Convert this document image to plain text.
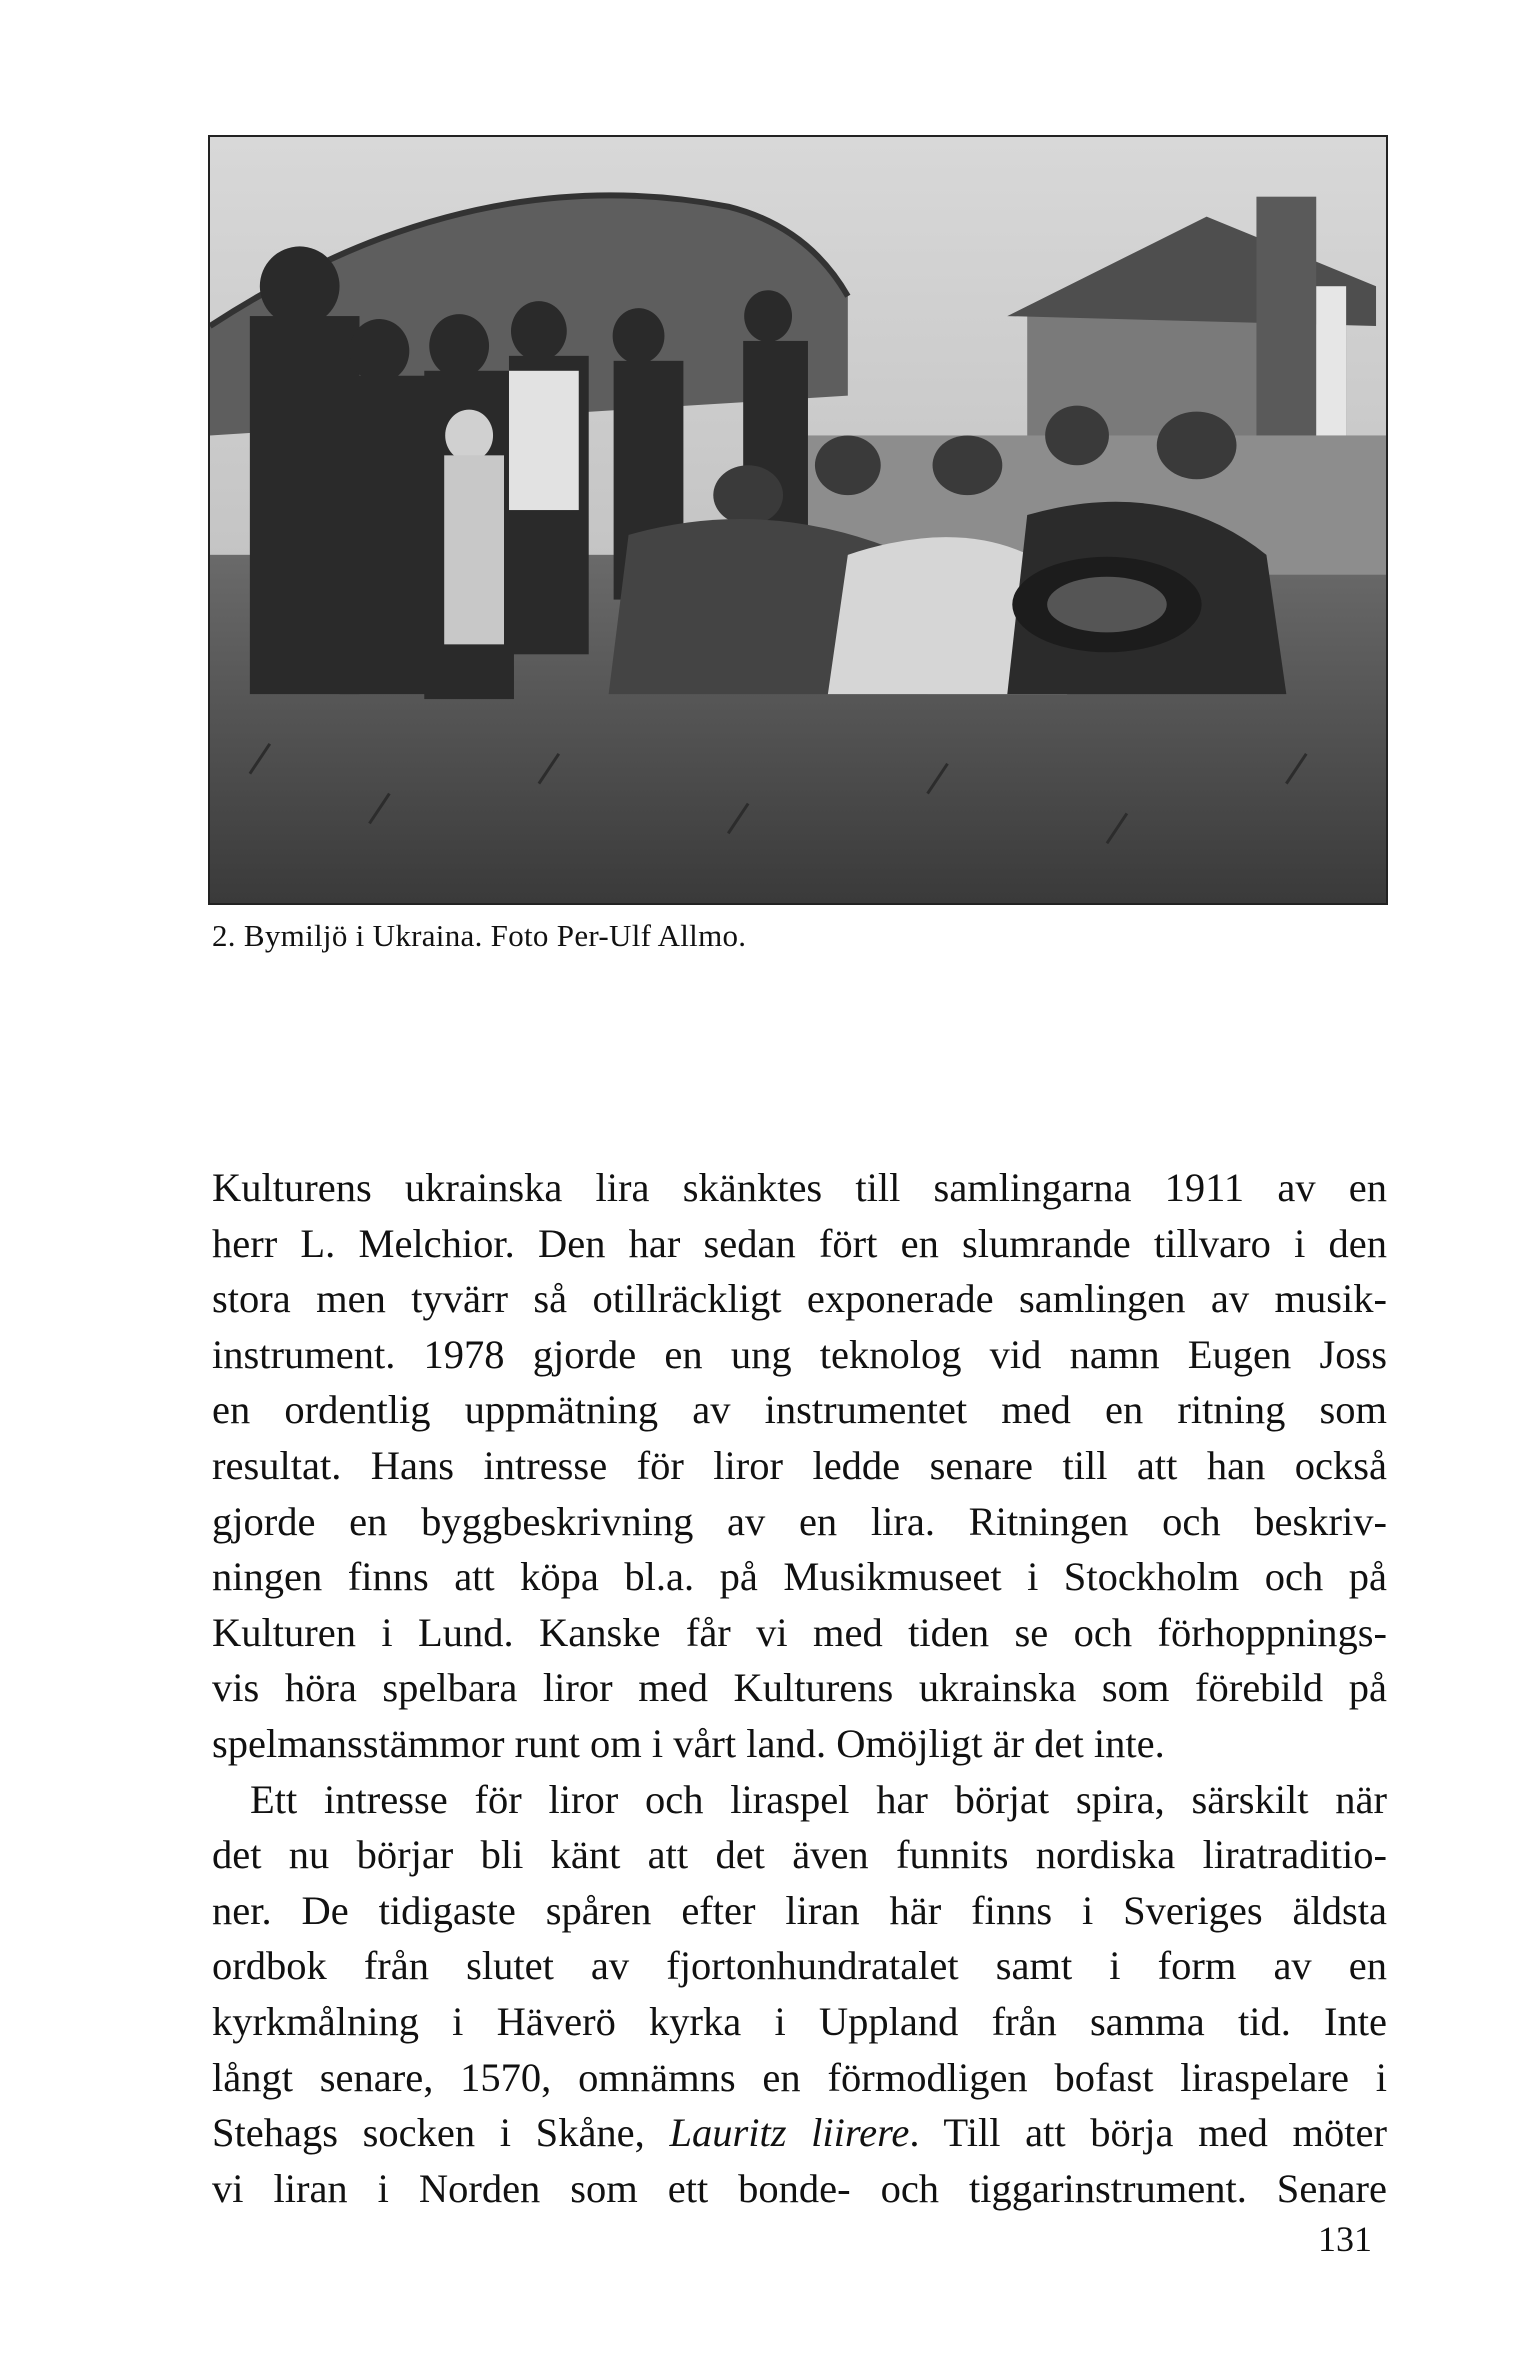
2. Bymiljö i Ukraina. Foto Per-Ulf Allmo.

Kulturens ukrainska lira skänktes till samlingarna 1911 av en
herr L. Melchior. Den har sedan fört en slumrande tillvaro i den
stora men tyvärr så otillräckligt exponerade samlingen av musik-
instrument. 1978 gjorde en ung teknolog vid namn Eugen Joss
en ordentlig uppmätning av instrumentet med en ritning som
resultat. Hans intresse för liror ledde senare till att han också
gjorde en byggbeskrivning av en lira. Ritningen och beskriv-
ningen finns att köpa bl.a. på Musikmuseet i Stockholm och på
Kulturen i Lund. Kanske får vi med tiden se och förhoppnings-
vis höra spelbara liror med Kulturens ukrainska som förebild på
spelmansstämmor runt om i vårt land. Omöjligt är det inte.

Ett intresse för liror och liraspel har börjat spira, särskilt när
det nu börjar bli känt att det även funnits nordiska liratraditio-
ner. De tidigaste spåren efter liran här finns i Sveriges äldsta
ordbok från slutet av fjortonhundratalet samt i form av en
kyrkmålning i Häverö kyrka i Uppland från samma tid. Inte
långt senare, 1570, omnämns en förmodligen bofast liraspelare i
Stehags socken i Skåne, Lauritz liirere. Till att börja med möter
vi liran i Norden som ett bonde- och tiggarinstrument. Senare

131
